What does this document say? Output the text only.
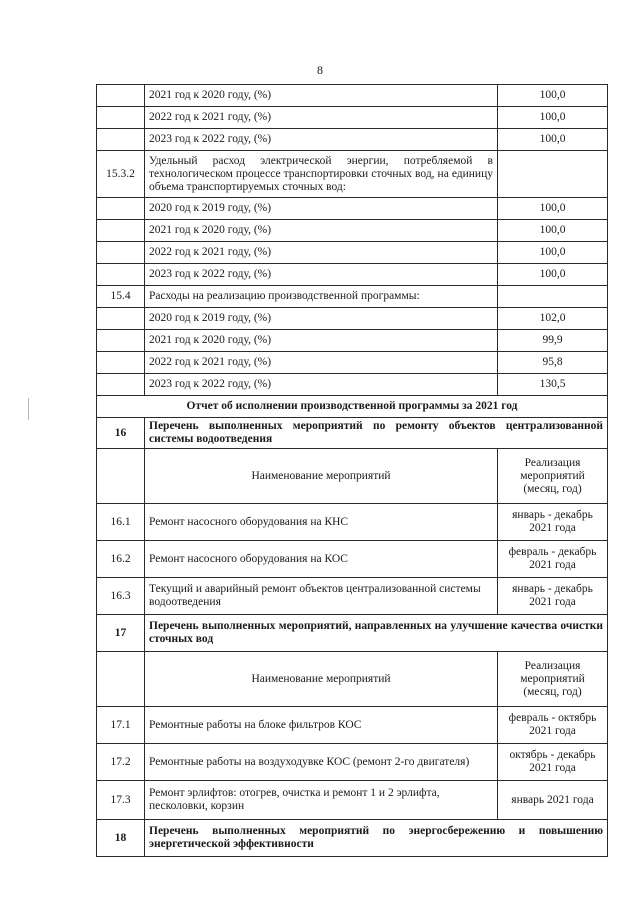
8
	2021 год к 2020 году, (%)	100,0
	2022 год к 2021 году, (%)	100,0
	2023 год к 2022 году, (%)	100,0
15.3.2	Удельный расход электрической энергии, потребляемой в технологическом процессе транспортировки сточных вод, на единицу объема транспортируемых сточных вод:	
	2020 год к 2019 году, (%)	100,0
	2021 год к 2020 году, (%)	100,0
	2022 год к 2021 году, (%)	100,0
	2023 год к 2022 году, (%)	100,0
15.4	Расходы на реализацию производственной программы:	
	2020 год к 2019 году, (%)	102,0
	2021 год к 2020 году, (%)	99,9
	2022 год к 2021 году, (%)	95,8
	2023 год к 2022 году, (%)	130,5
Отчет об исполнении производственной программы за 2021 год		
16	Перечень выполненных мероприятий по ремонту объектов централизованной системы водоотведения	
	Наименование мероприятий	Реализация мероприятий (месяц, год)
16.1	Ремонт насосного оборудования на КНС	январь - декабрь 2021 года
16.2	Ремонт насосного оборудования на КОС	февраль - декабрь 2021 года
16.3	Текущий и аварийный ремонт объектов централизованной системы водоотведения	январь - декабрь 2021 года
17	Перечень выполненных мероприятий, направленных на улучшение качества очистки сточных вод	
	Наименование мероприятий	Реализация мероприятий (месяц, год)
17.1	Ремонтные работы на блоке фильтров КОС	февраль - октябрь 2021 года
17.2	Ремонтные работы на воздуходувке КОС (ремонт 2-го двигателя)	октябрь - декабрь 2021 года
17.3	Ремонт эрлифтов: отогрев, очистка и ремонт 1 и 2 эрлифта, песколовки, корзин	январь 2021 года
18	Перечень выполненных мероприятий по энергосбережению и повышению энергетической эффективности	
